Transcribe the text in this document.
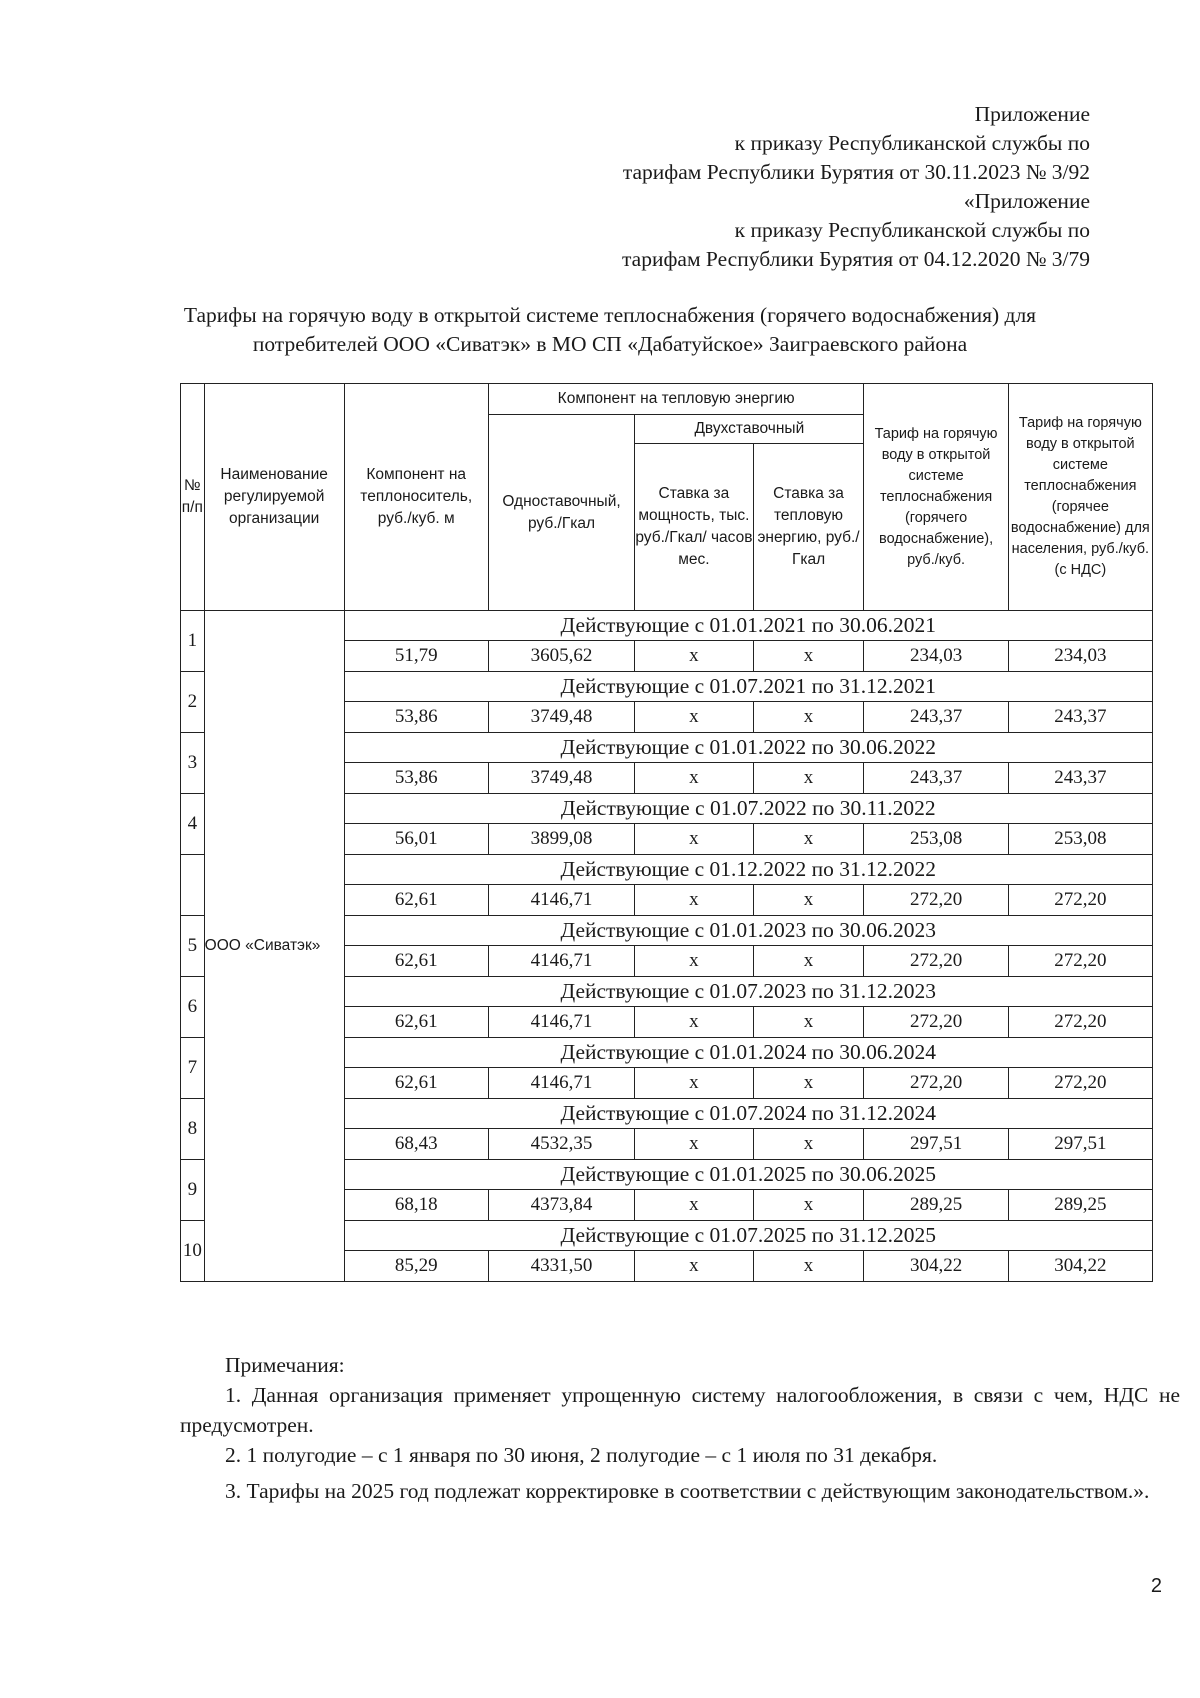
Приложение
к приказу Республиканской службы по
тарифам Республики Бурятия от 30.11.2023 № 3/92
«Приложение
к приказу Республиканской службы по
тарифам Республики Бурятия от 04.12.2020 № 3/79
Тарифы на горячую воду в открытой системе теплоснабжения (горячего водоснабжения) для
потребителей ООО «Сиватэк» в МО СП «Дабатуйское» Заиграевского района
№ п/п	Наименование регулируемой организации	Компонент на теплоноситель, руб./куб. м	Компонент на тепловую энергию			Тариф на горячую воду в открытой системе теплоснабжения (горячего водоснабжение), руб./куб.	Тариф на горячую воду в открытой системе теплоснабжения (горячее водоснабжение) для населения, руб./куб. (с НДС)
			Одноставочный, руб./Гкал	Двухставочный			
				Ставка за мощность, тыс. руб./Гкал/ часов мес.	Ставка за тепловую энергию, руб./Гкал		
1	ООО «Сиватэк»	Действующие с 01.01.2021 по 30.06.2021					
		51,79	3605,62	x	x	234,03	234,03
2		Действующие с 01.07.2021 по 31.12.2021					
		53,86	3749,48	x	x	243,37	243,37
3		Действующие с 01.01.2022 по 30.06.2022					
		53,86	3749,48	x	x	243,37	243,37
4		Действующие с 01.07.2022 по 30.11.2022					
		56,01	3899,08	x	x	253,08	253,08
		Действующие с 01.12.2022 по 31.12.2022					
		62,61	4146,71	x	x	272,20	272,20
5		Действующие с 01.01.2023 по 30.06.2023					
		62,61	4146,71	x	x	272,20	272,20
6		Действующие с 01.07.2023 по 31.12.2023					
		62,61	4146,71	x	x	272,20	272,20
7		Действующие с 01.01.2024 по 30.06.2024					
		62,61	4146,71	x	x	272,20	272,20
8		Действующие с 01.07.2024 по 31.12.2024					
		68,43	4532,35	x	x	297,51	297,51
9		Действующие с 01.01.2025 по 30.06.2025					
		68,18	4373,84	x	x	289,25	289,25
10		Действующие с 01.07.2025 по 31.12.2025					
		85,29	4331,50	x	x	304,22	304,22

Примечания:

1. Данная организация применяет упрощенную систему налогообложения, в связи с чем, НДС не предусмотрен.

2. 1 полугодие – с 1 января по 30 июня, 2 полугодие – с 1 июля по 31 декабря.

3. Тарифы на 2025 год подлежат корректировке в соответствии с действующим законодательством.».

2
